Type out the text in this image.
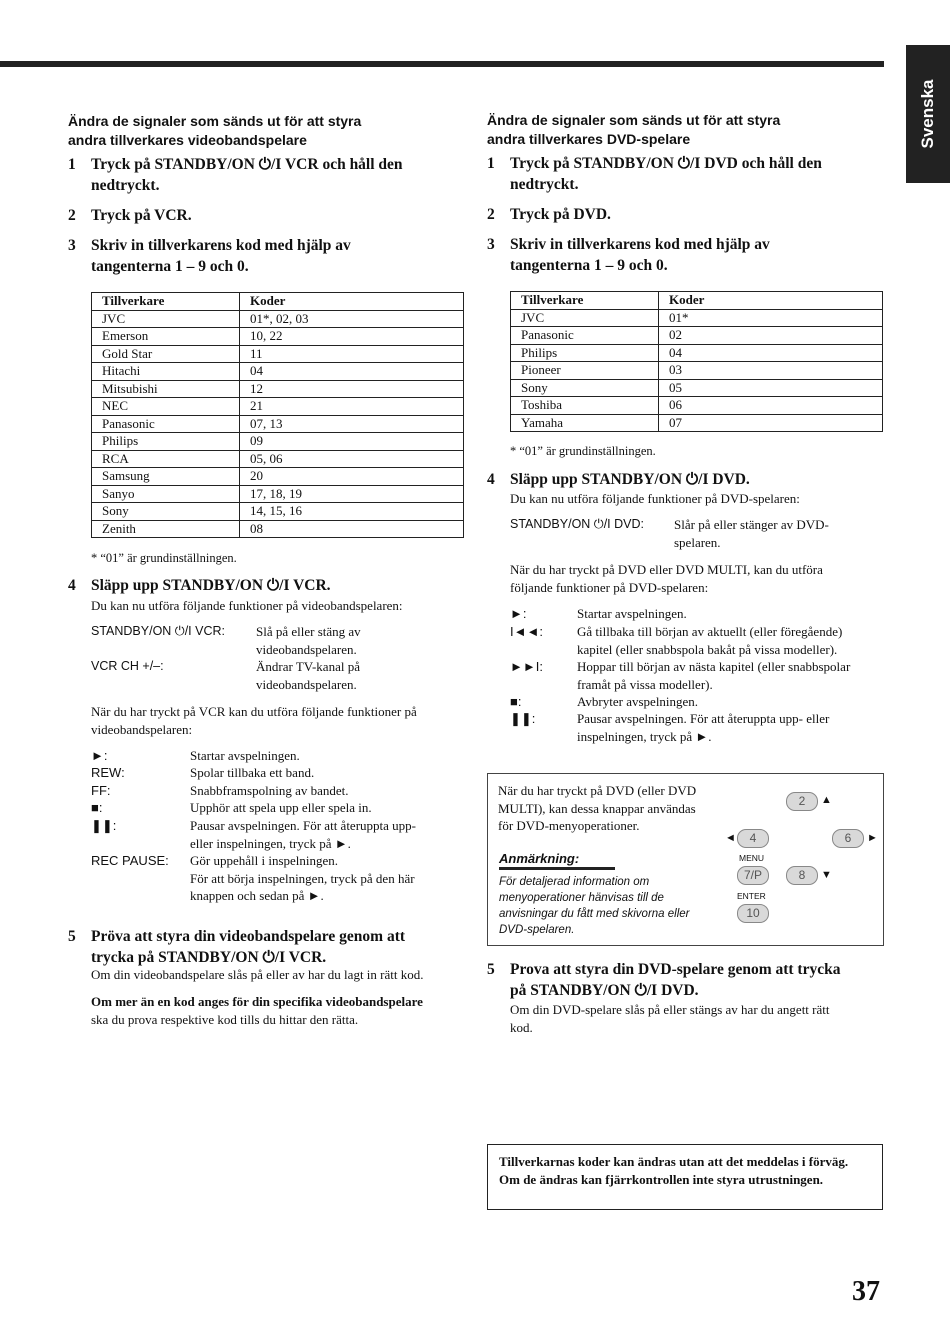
Svenska

Ändra de signaler som sänds ut för att styra

andra tillverkares videobandspelare

1 Tryck på STANDBY/ON ⏻/I VCR och håll den
nedtryckt.
2 Tryck på VCR.
3 Skriv in tillverkarens kod med hjälp av
tangenterna 1 – 9 och 0.
Tillverkare	Koder
JVC	01*, 02, 03
Emerson	10, 22
Gold Star	11
Hitachi	04
Mitsubishi	12
NEC	21
Panasonic	07, 13
Philips	09
RCA	05, 06
Samsung	20
Sanyo	17, 18, 19
Sony	14, 15, 16
Zenith	08
* “01” är grundinställningen.
4 Släpp upp STANDBY/ON ⏻/I VCR.
Du kan nu utföra följande funktioner på videobandspelaren:
STANDBY/ON ⏻/I VCR: Slå på eller stäng av
videobandspelaren.
VCR CH +/–:	Ändrar TV-kanal på
videobandspelaren.
När du har tryckt på VCR kan du utföra följande funktioner på
videobandspelaren:
►:	Startar avspelningen.
REW:	Spolar tillbaka ett band.
FF:	Snabbframspolning av bandet.
■:	Upphör att spela upp eller spela in.
❚❚:	Pausar avspelningen. För att återuppta upp-
eller inspelningen, tryck på ►.
REC PAUSE: Gör uppehåll i inspelningen.
För att börja inspelningen, tryck på den här
knappen och sedan på ►.
5 Pröva att styra din videobandspelare genom att
trycka på STANDBY/ON ⏻/I VCR.
Om din videobandspelare slås på eller av har du lagt in rätt kod.
Om mer än en kod anges för din specifika videobandspelare
ska du prova respektive kod tills du hittar den rätta.

Ändra de signaler som sänds ut för att styra

andra tillverkares DVD-spelare

1 Tryck på STANDBY/ON ⏻/I DVD och håll den
nedtryckt.
2 Tryck på DVD.
3 Skriv in tillverkarens kod med hjälp av
tangenterna 1 – 9 och 0.
Tillverkare	Koder
JVC	01*
Panasonic	02
Philips	04
Pioneer	03
Sony	05
Toshiba	06
Yamaha	07
* “01” är grundinställningen.
4 Släpp upp STANDBY/ON ⏻/I DVD.
Du kan nu utföra följande funktioner på DVD-spelaren:
STANDBY/ON ⏻/I DVD: Slår på eller stänger av DVD-
spelaren.
När du har tryckt på DVD eller DVD MULTI, kan du utföra
följande funktioner på DVD-spelaren:
►:	Startar avspelningen.
I◄◄:	Gå tillbaka till början av aktuellt (eller föregående)
kapitel (eller snabbspola bakåt på vissa modeller).
►►I:	Hoppar till början av nästa kapitel (eller snabbspolar
framåt på vissa modeller).
■:	Avbryter avspelningen.
❚❚:	Pausar avspelningen. För att återuppta upp- eller
inspelningen, tryck på ►.
När du har tryckt på DVD (eller DVD
MULTI), kan dessa knappar användas
för DVD-menyoperationer.
Anmärkning:
För detaljerad information om
menyoperationer hänvisas till de
anvisningar du fått med skivorna eller
DVD-spelaren.
2	▲
◄	4	6	►
MENU
7/P	8	▼
ENTER
10
5 Prova att styra din DVD-spelare genom att trycka
på STANDBY/ON ⏻/I DVD.
Om din DVD-spelare slås på eller stängs av har du angett rätt
kod.
Tillverkarnas koder kan ändras utan att det meddelas i förväg. Om de ändras kan fjärrkontrollen inte styra utrustningen.
37
